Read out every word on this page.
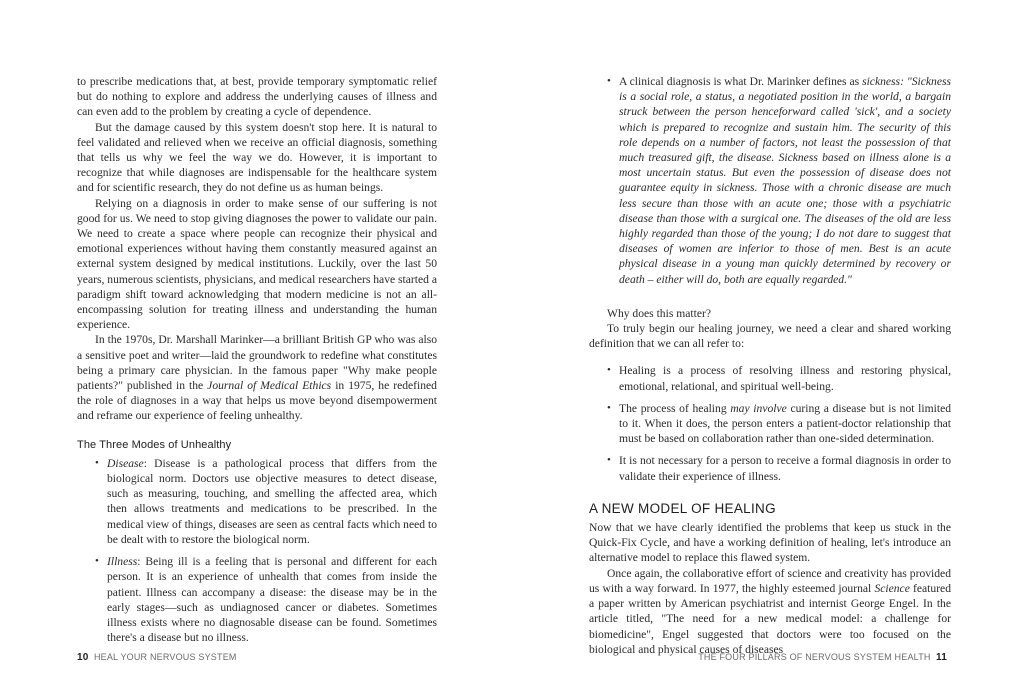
to prescribe medications that, at best, provide temporary symptomatic relief but do nothing to explore and address the underlying causes of illness and can even add to the problem by creating a cycle of dependence.

But the damage caused by this system doesn't stop here. It is natural to feel validated and relieved when we receive an official diagnosis, something that tells us why we feel the way we do. However, it is important to recognize that while diagnoses are indispensable for the healthcare system and for scientific research, they do not define us as human beings.

Relying on a diagnosis in order to make sense of our suffering is not good for us. We need to stop giving diagnoses the power to validate our pain. We need to create a space where people can recognize their physical and emotional experiences without having them constantly measured against an external system designed by medical institutions. Luckily, over the last 50 years, numerous scientists, physicians, and medical researchers have started a paradigm shift toward acknowledging that modern medicine is not an all-encompassing solution for treating illness and understanding the human experience.

In the 1970s, Dr. Marshall Marinker—a brilliant British GP who was also a sensitive poet and writer—laid the groundwork to redefine what constitutes being a primary care physician. In the famous paper "Why make people patients?" published in the Journal of Medical Ethics in 1975, he redefined the role of diagnoses in a way that helps us move beyond disempowerment and reframe our experience of feeling unhealthy.

The Three Modes of Unhealthy
• Disease: Disease is a pathological process that differs from the biological norm. Doctors use objective measures to detect disease, such as measuring, touching, and smelling the affected area, which then allows treatments and medications to be prescribed. In the medical view of things, diseases are seen as central facts which need to be dealt with to restore the biological norm.
• Illness: Being ill is a feeling that is personal and different for each person. It is an experience of unhealth that comes from inside the patient. Illness can accompany a disease: the disease may be in the early stages—such as undiagnosed cancer or diabetes. Sometimes illness exists where no diagnosable disease can be found. Sometimes there's a disease but no illness.
10 HEAL YOUR NERVOUS SYSTEM
• A clinical diagnosis is what Dr. Marinker defines as sickness: "Sickness is a social role, a status, a negotiated position in the world, a bargain struck between the person henceforward called 'sick', and a society which is prepared to recognize and sustain him. The security of this role depends on a number of factors, not least the possession of that much treasured gift, the disease. Sickness based on illness alone is a most uncertain status. But even the possession of disease does not guarantee equity in sickness. Those with a chronic disease are much less secure than those with an acute one; those with a psychiatric disease than those with a surgical one. The diseases of the old are less highly regarded than those of the young; I do not dare to suggest that diseases of women are inferior to those of men. Best is an acute physical disease in a young man quickly determined by recovery or death – either will do, both are equally regarded."

Why does this matter?

To truly begin our healing journey, we need a clear and shared working definition that we can all refer to:

• Healing is a process of resolving illness and restoring physical, emotional, relational, and spiritual well-being.
• The process of healing may involve curing a disease but is not limited to it. When it does, the person enters a patient-doctor relationship that must be based on collaboration rather than one-sided determination.
• It is not necessary for a person to receive a formal diagnosis in order to validate their experience of illness.
A NEW MODEL OF HEALING

Now that we have clearly identified the problems that keep us stuck in the Quick-Fix Cycle, and have a working definition of healing, let's introduce an alternative model to replace this flawed system.

Once again, the collaborative effort of science and creativity has provided us with a way forward. In 1977, the highly esteemed journal Science featured a paper written by American psychiatrist and internist George Engel. In the article titled, "The need for a new medical model: a challenge for biomedicine", Engel suggested that doctors were too focused on the biological and physical causes of diseases

THE FOUR PILLARS OF NERVOUS SYSTEM HEALTH 11
